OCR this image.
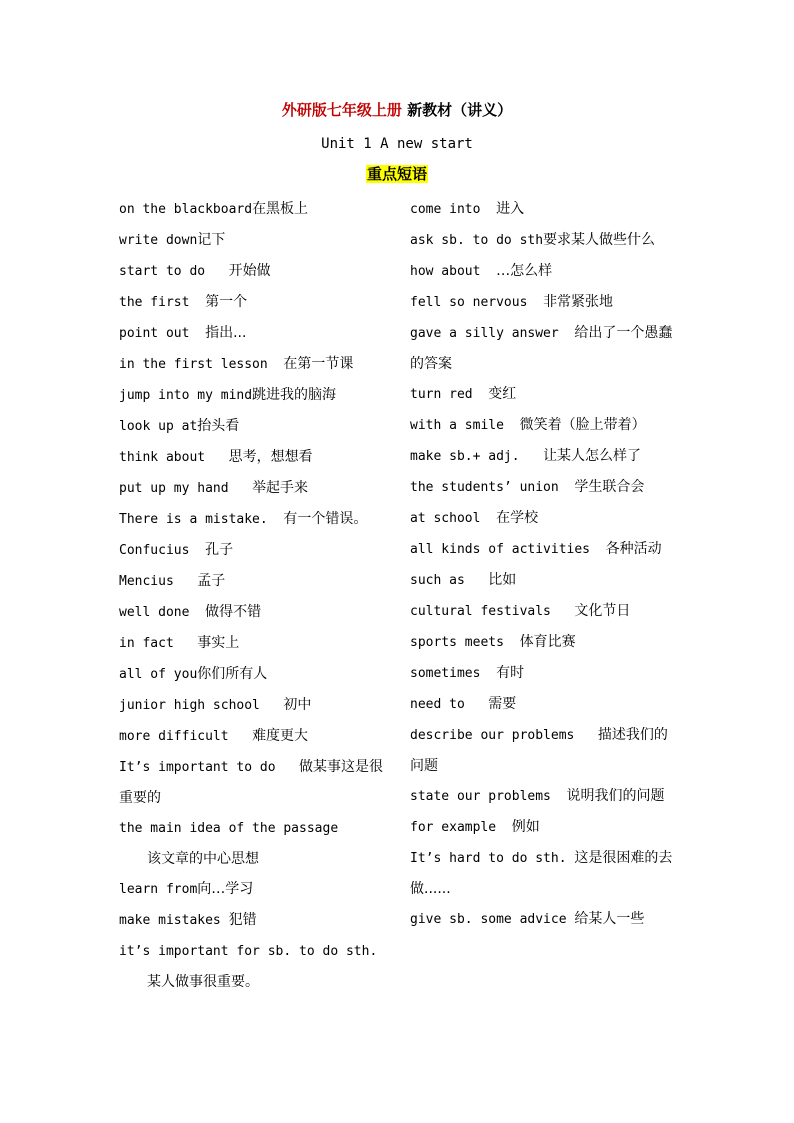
外研版七年级上册 新教材（讲义）
Unit 1 A new start
重点短语
on the blackboard在黑板上
write down记下
start to do   开始做
the first  第一个
point out  指出...
in the first lesson  在第一节课
jump into my mind跳进我的脑海
look up at抬头看
think about   思考，想想看
put up my hand   举起手来
There is a mistake.  有一个错误。
Confucius  孔子
Mencius   孟子
well done  做得不错
in fact   事实上
all of you你们所有人
junior high school   初中
more difficult   难度更大
It’s important to do   做某事这是很重要的
the main idea of the passage
该文章的中心思想
learn from向…学习
make mistakes 犯错
it’s important for sb. to do sth.
某人做事很重要。
come into  进入
ask sb. to do sth要求某人做些什么
how about  …怎么样
fell so nervous  非常紧张地
gave a silly answer  给出了一个愚蠢的答案
turn red  变红
with a smile  微笑着（脸上带着）
make sb.+ adj.   让某人怎么样了
the students’ union  学生联合会
at school  在学校
all kinds of activities  各种活动
such as   比如
cultural festivals   文化节日
sports meets  体育比赛
sometimes  有时
need to   需要
describe our problems   描述我们的问题
state our problems  说明我们的问题
for example  例如
It’s hard to do sth. 这是很困难的去做......
give sb. some advice 给某人一些
